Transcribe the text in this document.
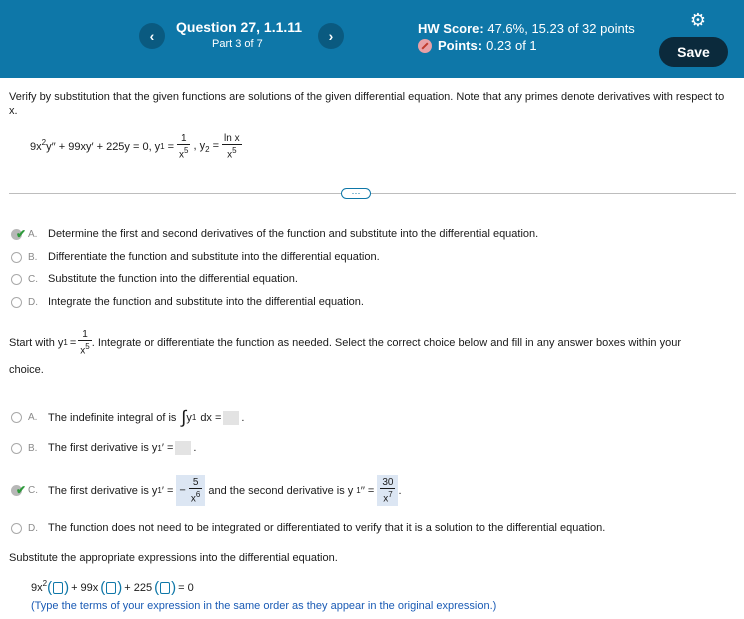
‹
Question 27, 1.1.11
Part 3 of 7	›	HW Score: 47.6%, 15.23 of 32 points
Points: 0.23 of 1
⚙
Save
Verify by substitution that the given functions are solutions of the given differential equation. Note that any primes denote derivatives with respect to x.
$9x^2$ y′′ + 99xy′ + 225y = 0, y $1 = \frac{1}{x^5}$ , $y_2 = \frac{\text{ln x}}{x^5}$
⋯
✔ A. Determine the first and second derivatives of the function and substitute into the differential equation.
B. Differentiate the function and substitute into the differential equation.
C. Substitute the function into the differential equation.
D. Integrate the function and substitute into the differential equation.
Start with y $1 = \frac{1}{x^5}$ . Integrate or differentiate the function as needed. Select the correct choice below and fill in any answer boxes within your
choice.
A. The indefinite integral of is ∫ y 1 dx = .
B. The first derivative is y 1 ′ = .
✔ C. The first derivative is y 1 ′ = − $\frac{5}{x^6}$ and the second derivative is y 1 ′′ = $\frac{30}{x^7}$ .
D. The function does not need to be integrated or differentiated to verify that it is a solution to the differential equation.
Substitute the appropriate expressions into the differential equation.
$9x^2$ ( ) + 99x ( ) + 225 ( ) = 0
(Type the terms of your expression in the same order as they appear in the original expression.)
